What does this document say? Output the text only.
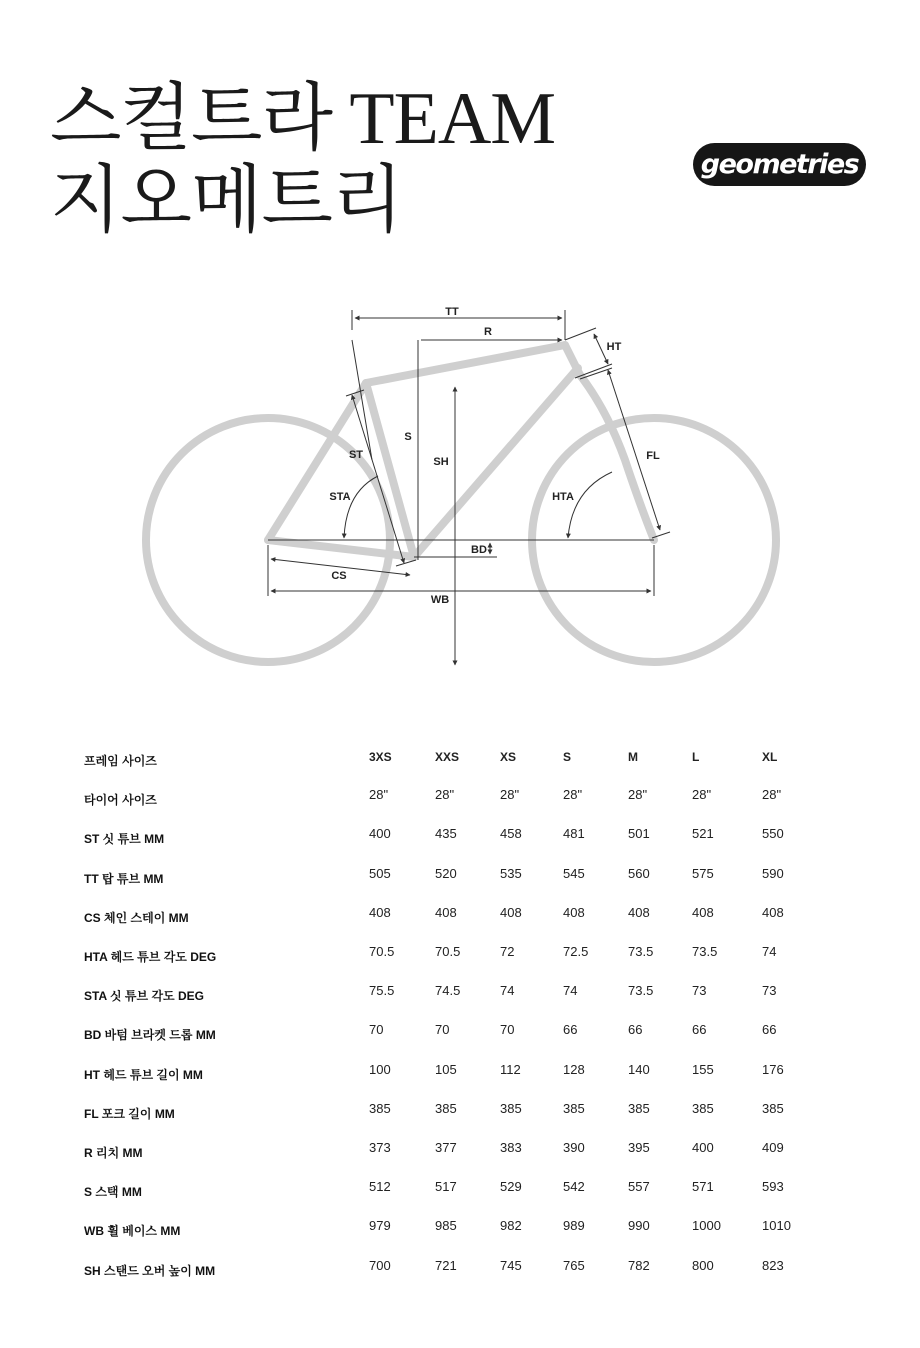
스컬트라 TEAM
지오메트리	geometries
TT
R
HT
S
SH
ST
STA	HTA
FL
BD
CS
WB
프레임 사이즈	3XS	XXS	XS	S	M	L	XL
타이어 사이즈	28"	28"	28"	28"	28"	28"	28"
ST 싯 튜브 MM	400	435	458	481	501	521	550
TT 탑 튜브 MM	505	520	535	545	560	575	590
CS 체인 스테이 MM	408	408	408	408	408	408	408
HTA 헤드 튜브 각도 DEG	70.5	70.5	72	72.5	73.5	73.5	74
STA 싯 튜브 각도 DEG	75.5	74.5	74	74	73.5	73	73
BD 바텀 브라켓 드롭 MM	70	70	70	66	66	66	66
HT 헤드 튜브 길이 MM	100	105	112	128	140	155	176
FL 포크 길이 MM	385	385	385	385	385	385	385
R 리치 MM	373	377	383	390	395	400	409
S 스택 MM	512	517	529	542	557	571	593
WB 휠 베이스 MM	979	985	982	989	990	1000	1010
SH 스탠드 오버 높이 MM	700	721	745	765	782	800	823
